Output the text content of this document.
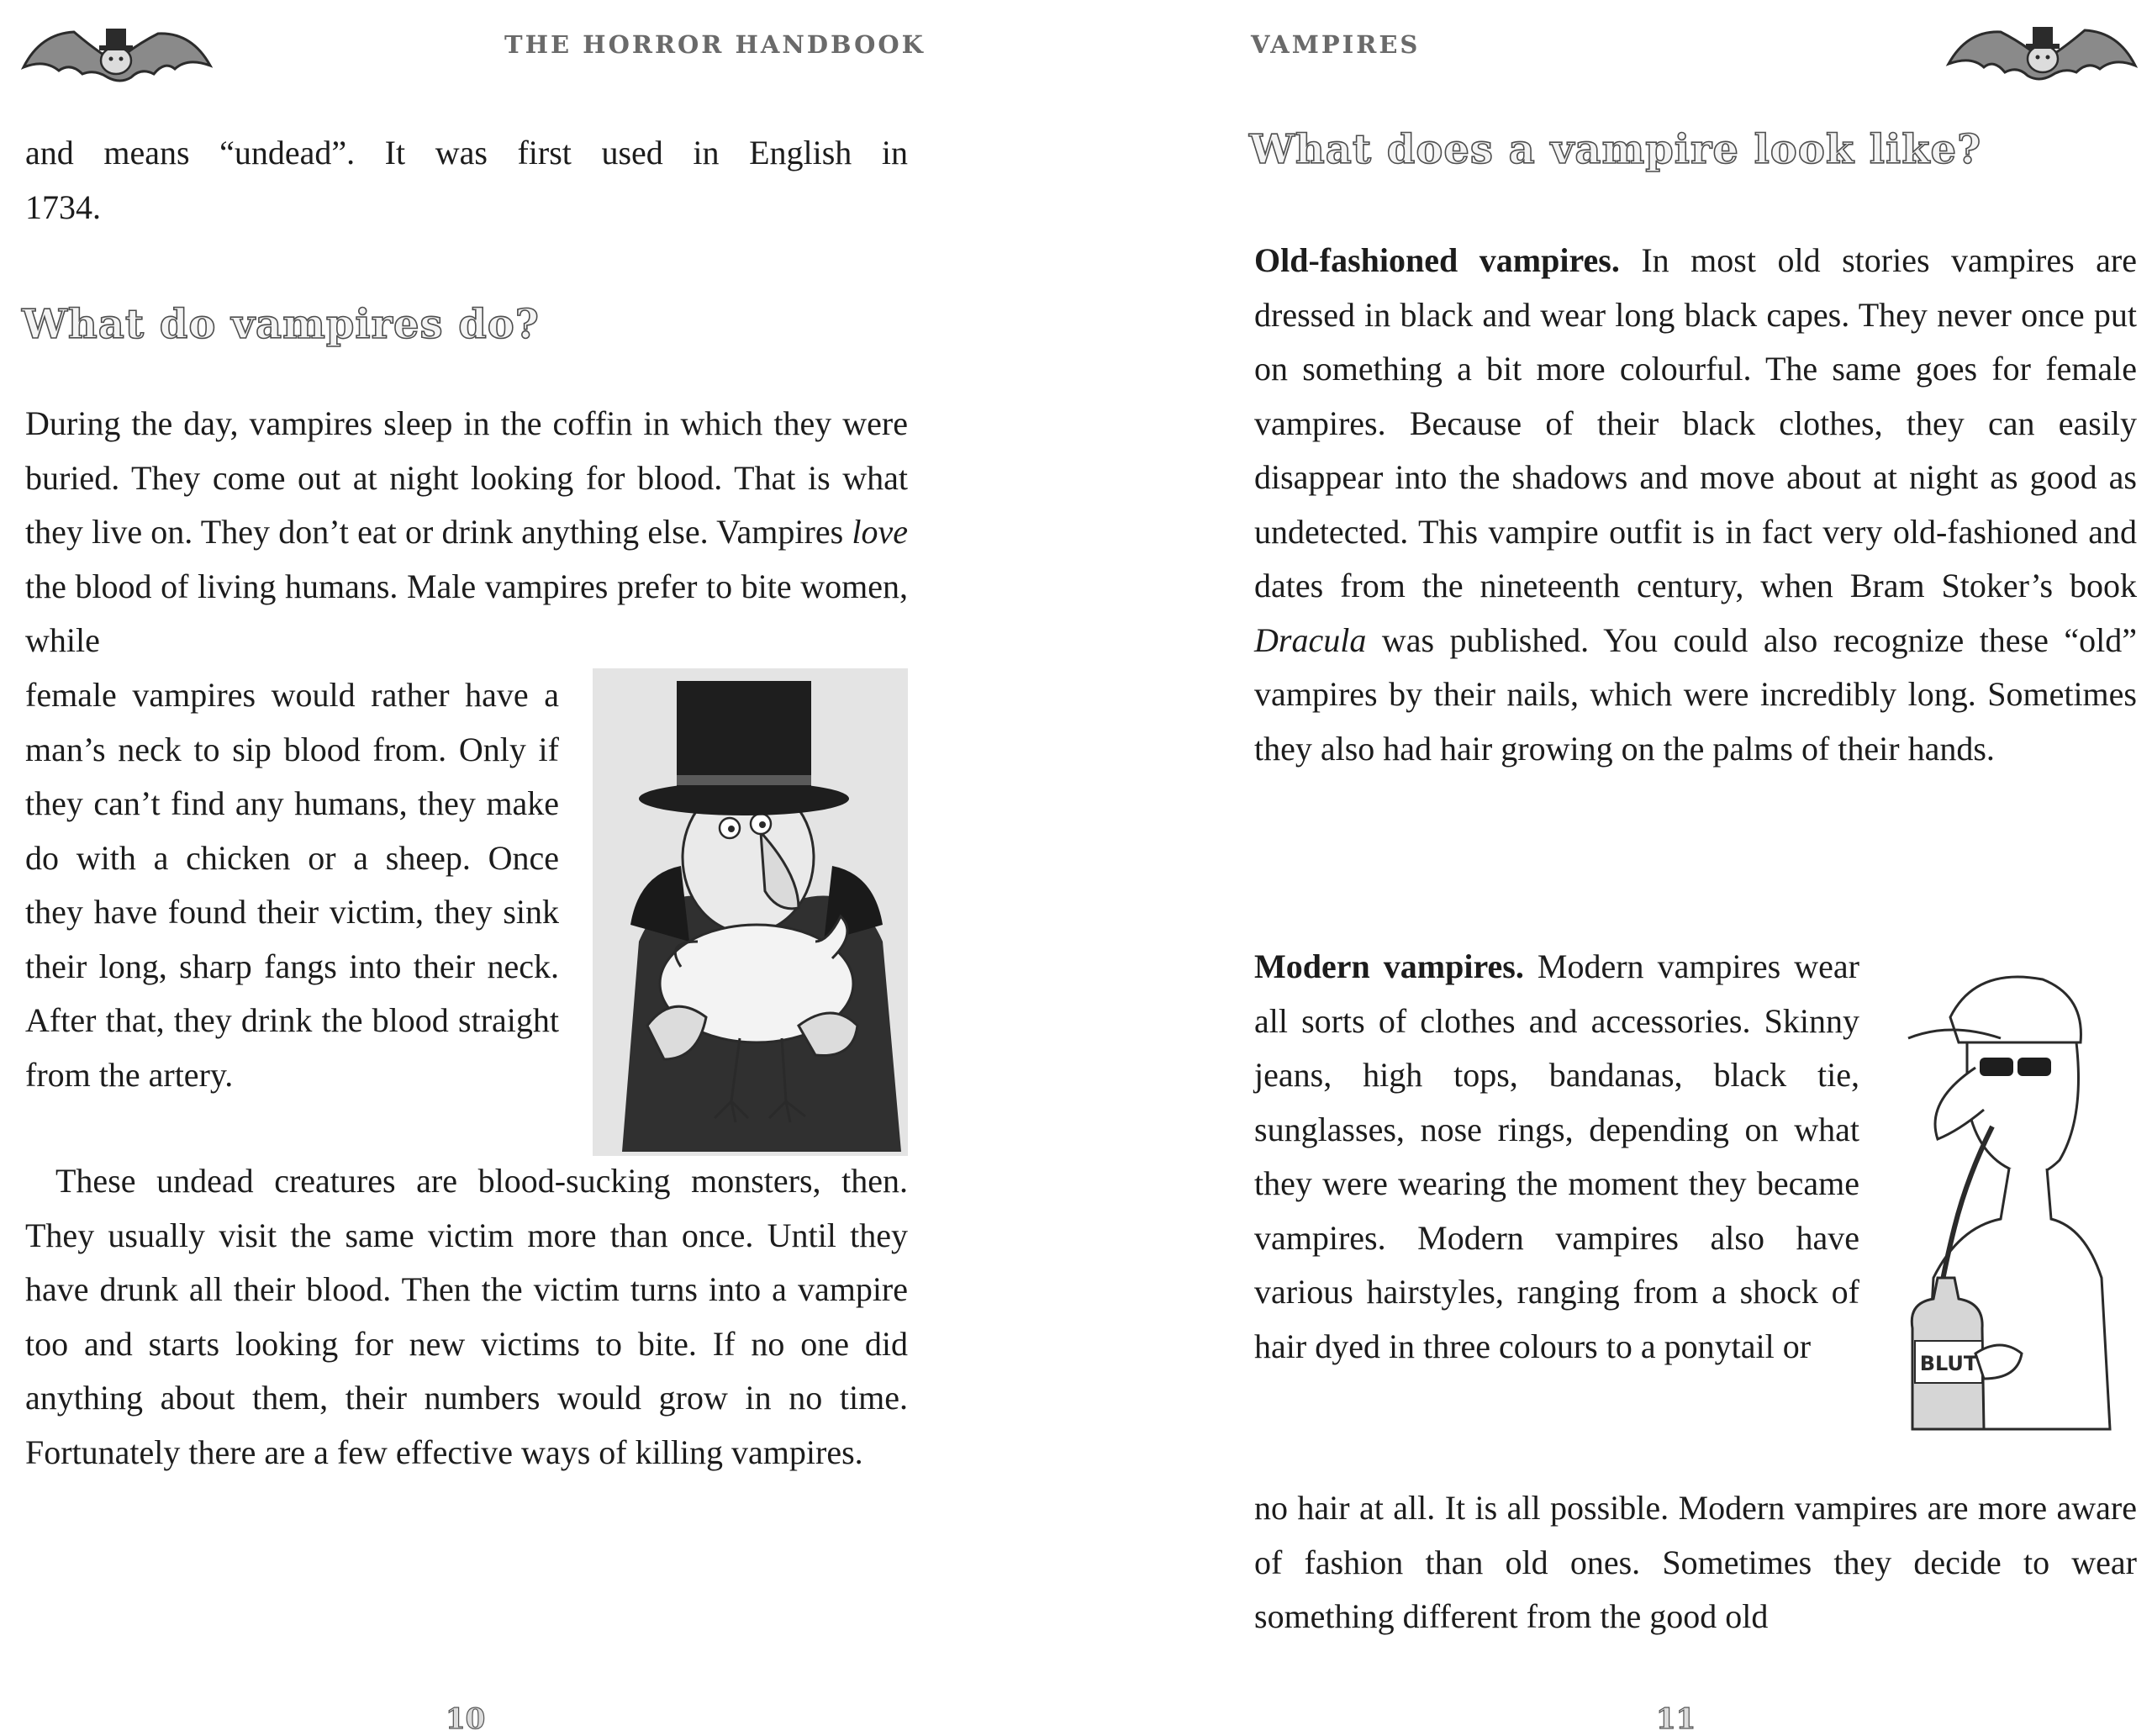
THE HORROR HANDBOOK

and means “undead”. It was first used in English in

1734.

What do vampires do?

During the day, vampires sleep in the coffin in which they were buried. They come out at night looking for blood. That is what they live on. They don’t eat or drink anything else. Vampires love the blood of living humans. Male vampires prefer to bite women, while

female vampires would rather have a man’s neck to sip blood from. Only if they can’t find any humans, they make do with a chicken or a sheep. Once they have found their victim, they sink their long, sharp fangs into their neck. After that, they drink the blood straight from the artery.

These undead creatures are blood-sucking monsters, then. They usually visit the same victim more than once. Until they have drunk all their blood. Then the victim turns into a vampire too and starts looking for new victims to bite. If no one did anything about them, their numbers would grow in no time. Fortunately there are a few effective ways of killing vampires.

10
VAMPIRES
What does a vampire look like?

Old-fashioned vampires. In most old stories vampires are dressed in black and wear long black capes. They never once put on something a bit more colourful. The same goes for female vampires. Because of their black clothes, they can easily disappear into the shadows and move about at night as good as undetected. This vampire outfit is in fact very old-fashioned and dates from the nineteenth century, when Bram Stoker’s book Dracula was published. You could also recognize these “old” vampires by their nails, which were incredibly long. Sometimes they also had hair growing on the palms of their hands.

Modern vampires. Modern vampires wear all sorts of clothes and accessories. Skinny jeans, high tops, bandanas, black tie, sunglasses, nose rings, depending on what they were wearing the moment they became vampires. Modern vampires also have various hairstyles, ranging from a shock of hair dyed in three colours to a ponytail or	BLUT

no hair at all. It is all possible. Modern vampires are more aware of fashion than old ones. Sometimes they decide to wear something different from the good old

11
